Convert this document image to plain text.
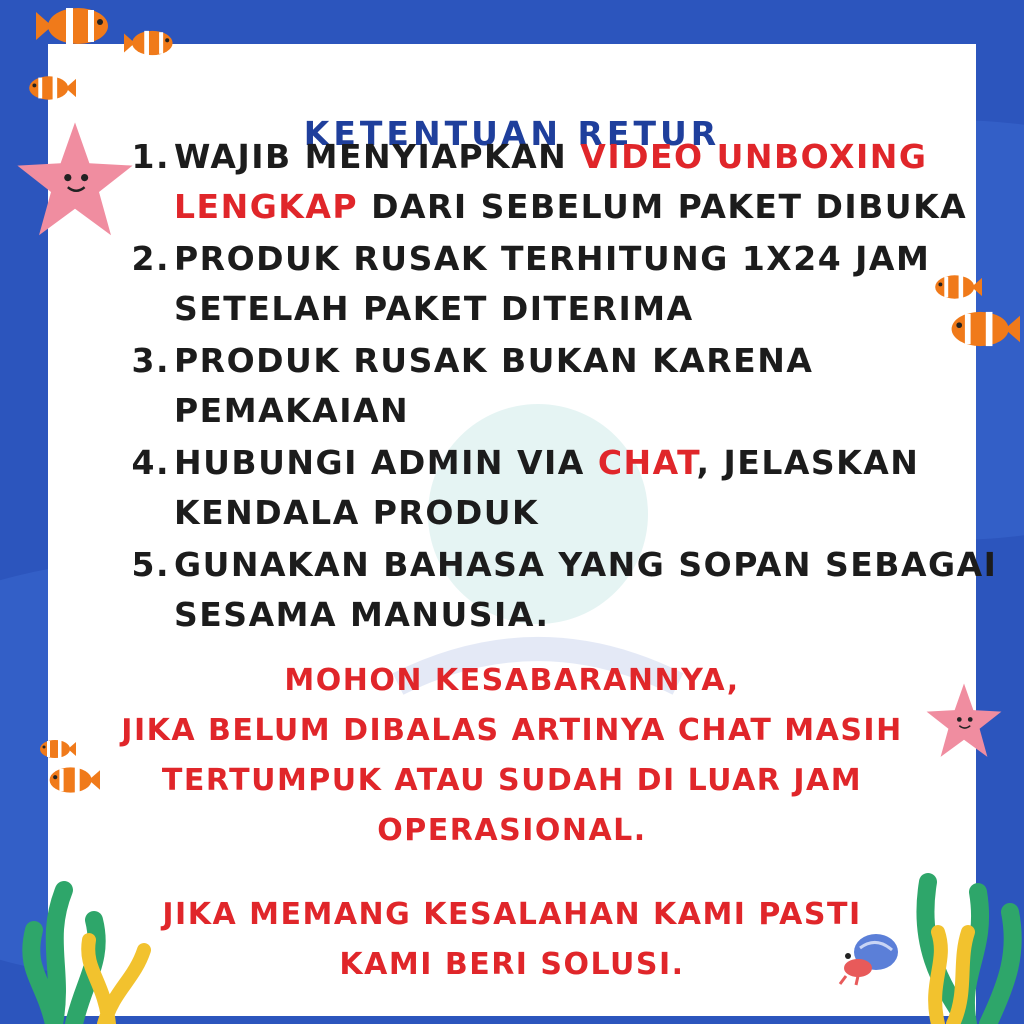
KETENTUAN RETUR
1. WAJIB MENYIAPKAN VIDEO UNBOXING
LENGKAP DARI SEBELUM PAKET DIBUKA
2. PRODUK RUSAK TERHITUNG 1X24 JAM
SETELAH PAKET DITERIMA
3. PRODUK RUSAK BUKAN KARENA
PEMAKAIAN
4. HUBUNGI ADMIN VIA CHAT, JELASKAN
KENDALA PRODUK
5. GUNAKAN BAHASA YANG SOPAN SEBAGAI
SESAMA MANUSIA.
MOHON KESABARANNYA,
JIKA BELUM DIBALAS ARTINYA CHAT MASIH
TERTUMPUK ATAU SUDAH DI LUAR JAM
OPERASIONAL.
JIKA MEMANG KESALAHAN KAMI PASTI
KAMI BERI SOLUSI.
